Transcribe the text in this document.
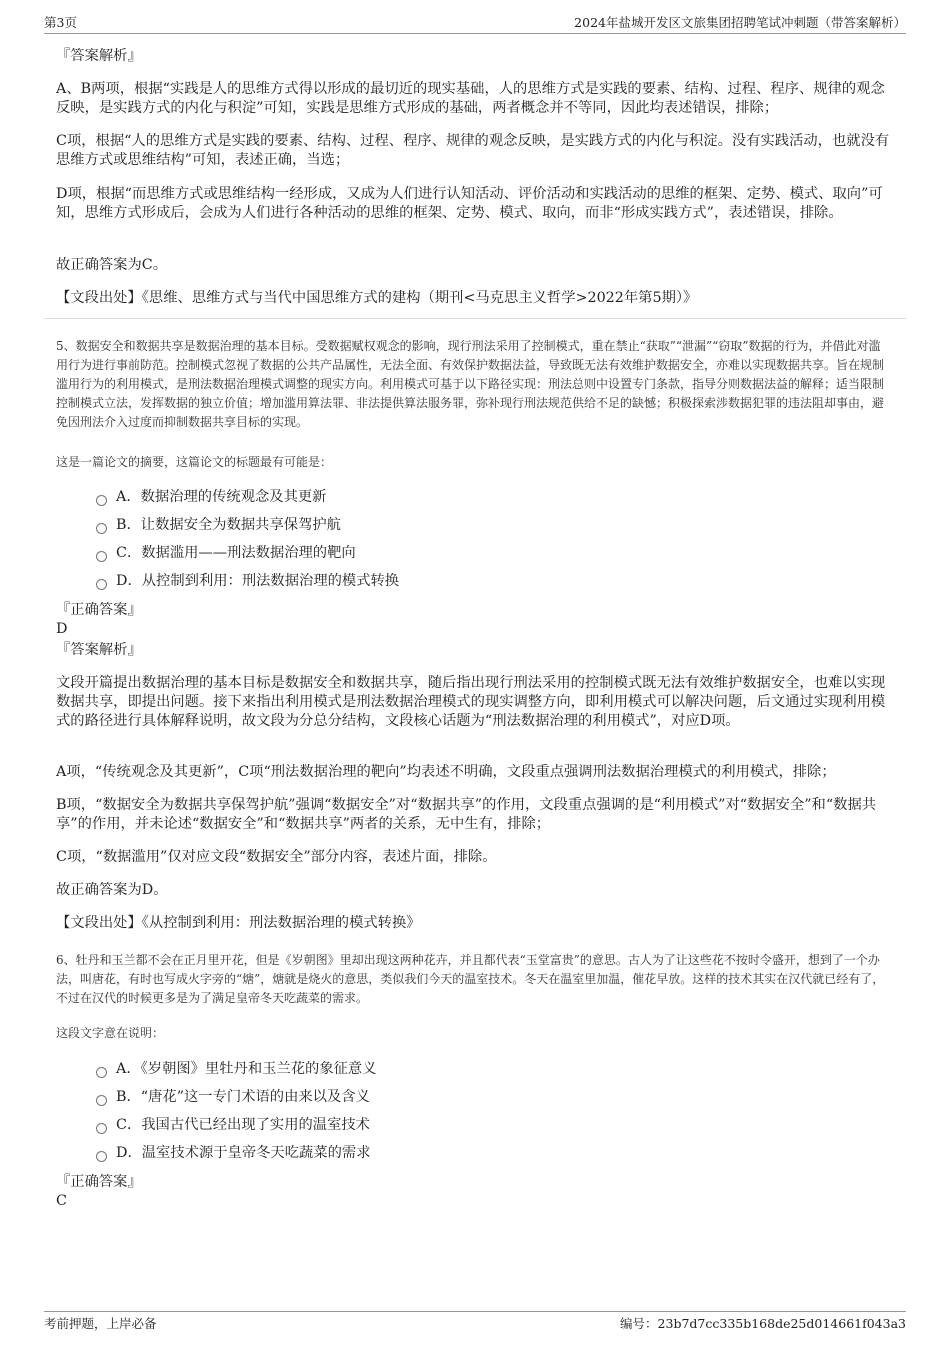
第3页	2024年盐城开发区文旅集团招聘笔试冲刺题（带答案解析）
『答案解析』
A、B两项，根据“实践是人的思维方式得以形成的最切近的现实基础，人的思维方式是实践的要素、结构、过程、程序、规律的观念反映，是实践方式的内化与积淀”可知，实践是思维方式形成的基础，两者概念并不等同，因此均表述错误，排除；
C项，根据“人的思维方式是实践的要素、结构、过程、程序、规律的观念反映，是实践方式的内化与积淀。没有实践活动，也就没有思维方式或思维结构”可知，表述正确，当选；
D项，根据“而思维方式或思维结构一经形成，又成为人们进行认知活动、评价活动和实践活动的思维的框架、定势、模式、取向”可知，思维方式形成后，会成为人们进行各种活动的思维的框架、定势、模式、取向，而非“形成实践方式”，表述错误，排除。
故正确答案为C。
【文段出处】《思维、思维方式与当代中国思维方式的建构（期刊<马克思主义哲学>2022年第5期）》
5、数据安全和数据共享是数据治理的基本目标。受数据赋权观念的影响，现行刑法采用了控制模式，重在禁止“获取”“泄漏”“窃取”数据的行为，并借此对滥用行为进行事前防范。控制模式忽视了数据的公共产品属性，无法全面、有效保护数据法益，导致既无法有效维护数据安全，亦难以实现数据共享。旨在规制滥用行为的利用模式，是刑法数据治理模式调整的现实方向。利用模式可基于以下路径实现：刑法总则中设置专门条款，指导分则数据法益的解释；适当限制控制模式立法，发挥数据的独立价值；增加滥用算法罪、非法提供算法服务罪，弥补现行刑法规范供给不足的缺憾；积极探索涉数据犯罪的违法阻却事由，避免因刑法介入过度而抑制数据共享目标的实现。
这是一篇论文的摘要，这篇论文的标题最有可能是：
A．数据治理的传统观念及其更新
B．让数据安全为数据共享保驾护航
C．数据滥用——刑法数据治理的靶向
D．从控制到利用：刑法数据治理的模式转换
『正确答案』
D
『答案解析』
文段开篇提出数据治理的基本目标是数据安全和数据共享，随后指出现行刑法采用的控制模式既无法有效维护数据安全，也难以实现数据共享，即提出问题。接下来指出利用模式是刑法数据治理模式的现实调整方向，即利用模式可以解决问题，后文通过实现利用模式的路径进行具体解释说明，故文段为分总分结构，文段核心话题为“刑法数据治理的利用模式”，对应D项。
A项，“传统观念及其更新”，C项“刑法数据治理的靶向”均表述不明确，文段重点强调刑法数据治理模式的利用模式，排除；
B项，“数据安全为数据共享保驾护航”强调“数据安全”对“数据共享”的作用，文段重点强调的是“利用模式”对“数据安全”和“数据共享”的作用，并未论述“数据安全”和“数据共享”两者的关系，无中生有，排除；
C项，“数据滥用”仅对应文段“数据安全”部分内容，表述片面，排除。
故正确答案为D。
【文段出处】《从控制到利用：刑法数据治理的模式转换》
6、牡丹和玉兰都不会在正月里开花，但是《岁朝图》里却出现这两种花卉，并且都代表“玉堂富贵”的意思。古人为了让这些花不按时令盛开，想到了一个办法，叫唐花，有时也写成火字旁的“煻”，煻就是烧火的意思，类似我们今天的温室技术。冬天在温室里加温，催花早放。这样的技术其实在汉代就已经有了，不过在汉代的时候更多是为了满足皇帝冬天吃蔬菜的需求。
这段文字意在说明：
A．《岁朝图》里牡丹和玉兰花的象征意义
B．“唐花”这一专门术语的由来以及含义
C．我国古代已经出现了实用的温室技术
D．温室技术源于皇帝冬天吃蔬菜的需求
『正确答案』
C
考前押题，上岸必备	编号：23b7d7cc335b168de25d014661f043a3
